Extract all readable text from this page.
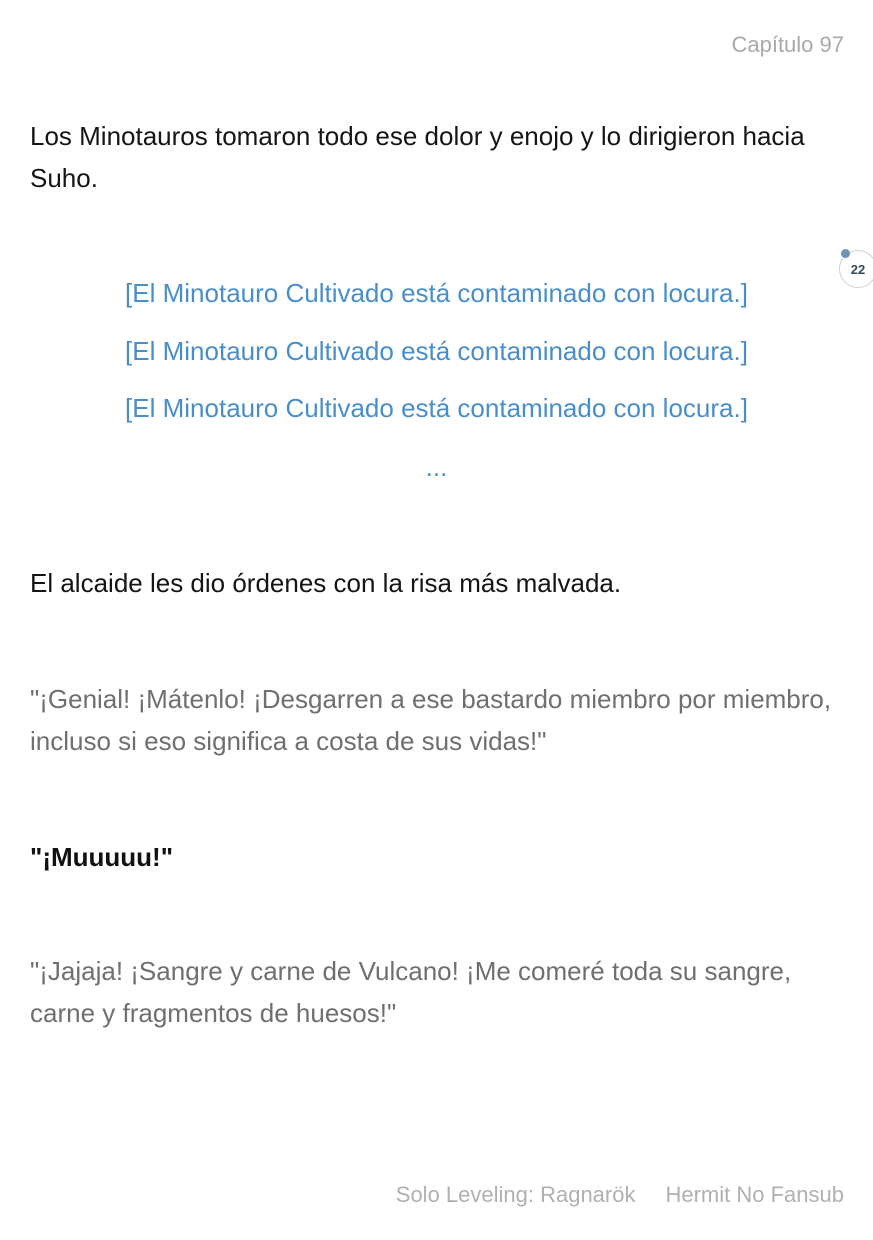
Capítulo 97

Los Minotauros tomaron todo ese dolor y enojo y lo dirigieron hacia Suho.

[El Minotauro Cultivado está contaminado con locura.]
[El Minotauro Cultivado está contaminado con locura.]
[El Minotauro Cultivado está contaminado con locura.]
...
22

El alcaide les dio órdenes con la risa más malvada.

"¡Genial! ¡Mátenlo! ¡Desgarren a ese bastardo miembro por miembro, incluso si eso significa a costa de sus vidas!"

"¡Muuuuu!"

"¡Jajaja! ¡Sangre y carne de Vulcano! ¡Me comeré toda su sangre, carne y fragmentos de huesos!"

Solo Leveling: Ragnarök Hermit No Fansub
